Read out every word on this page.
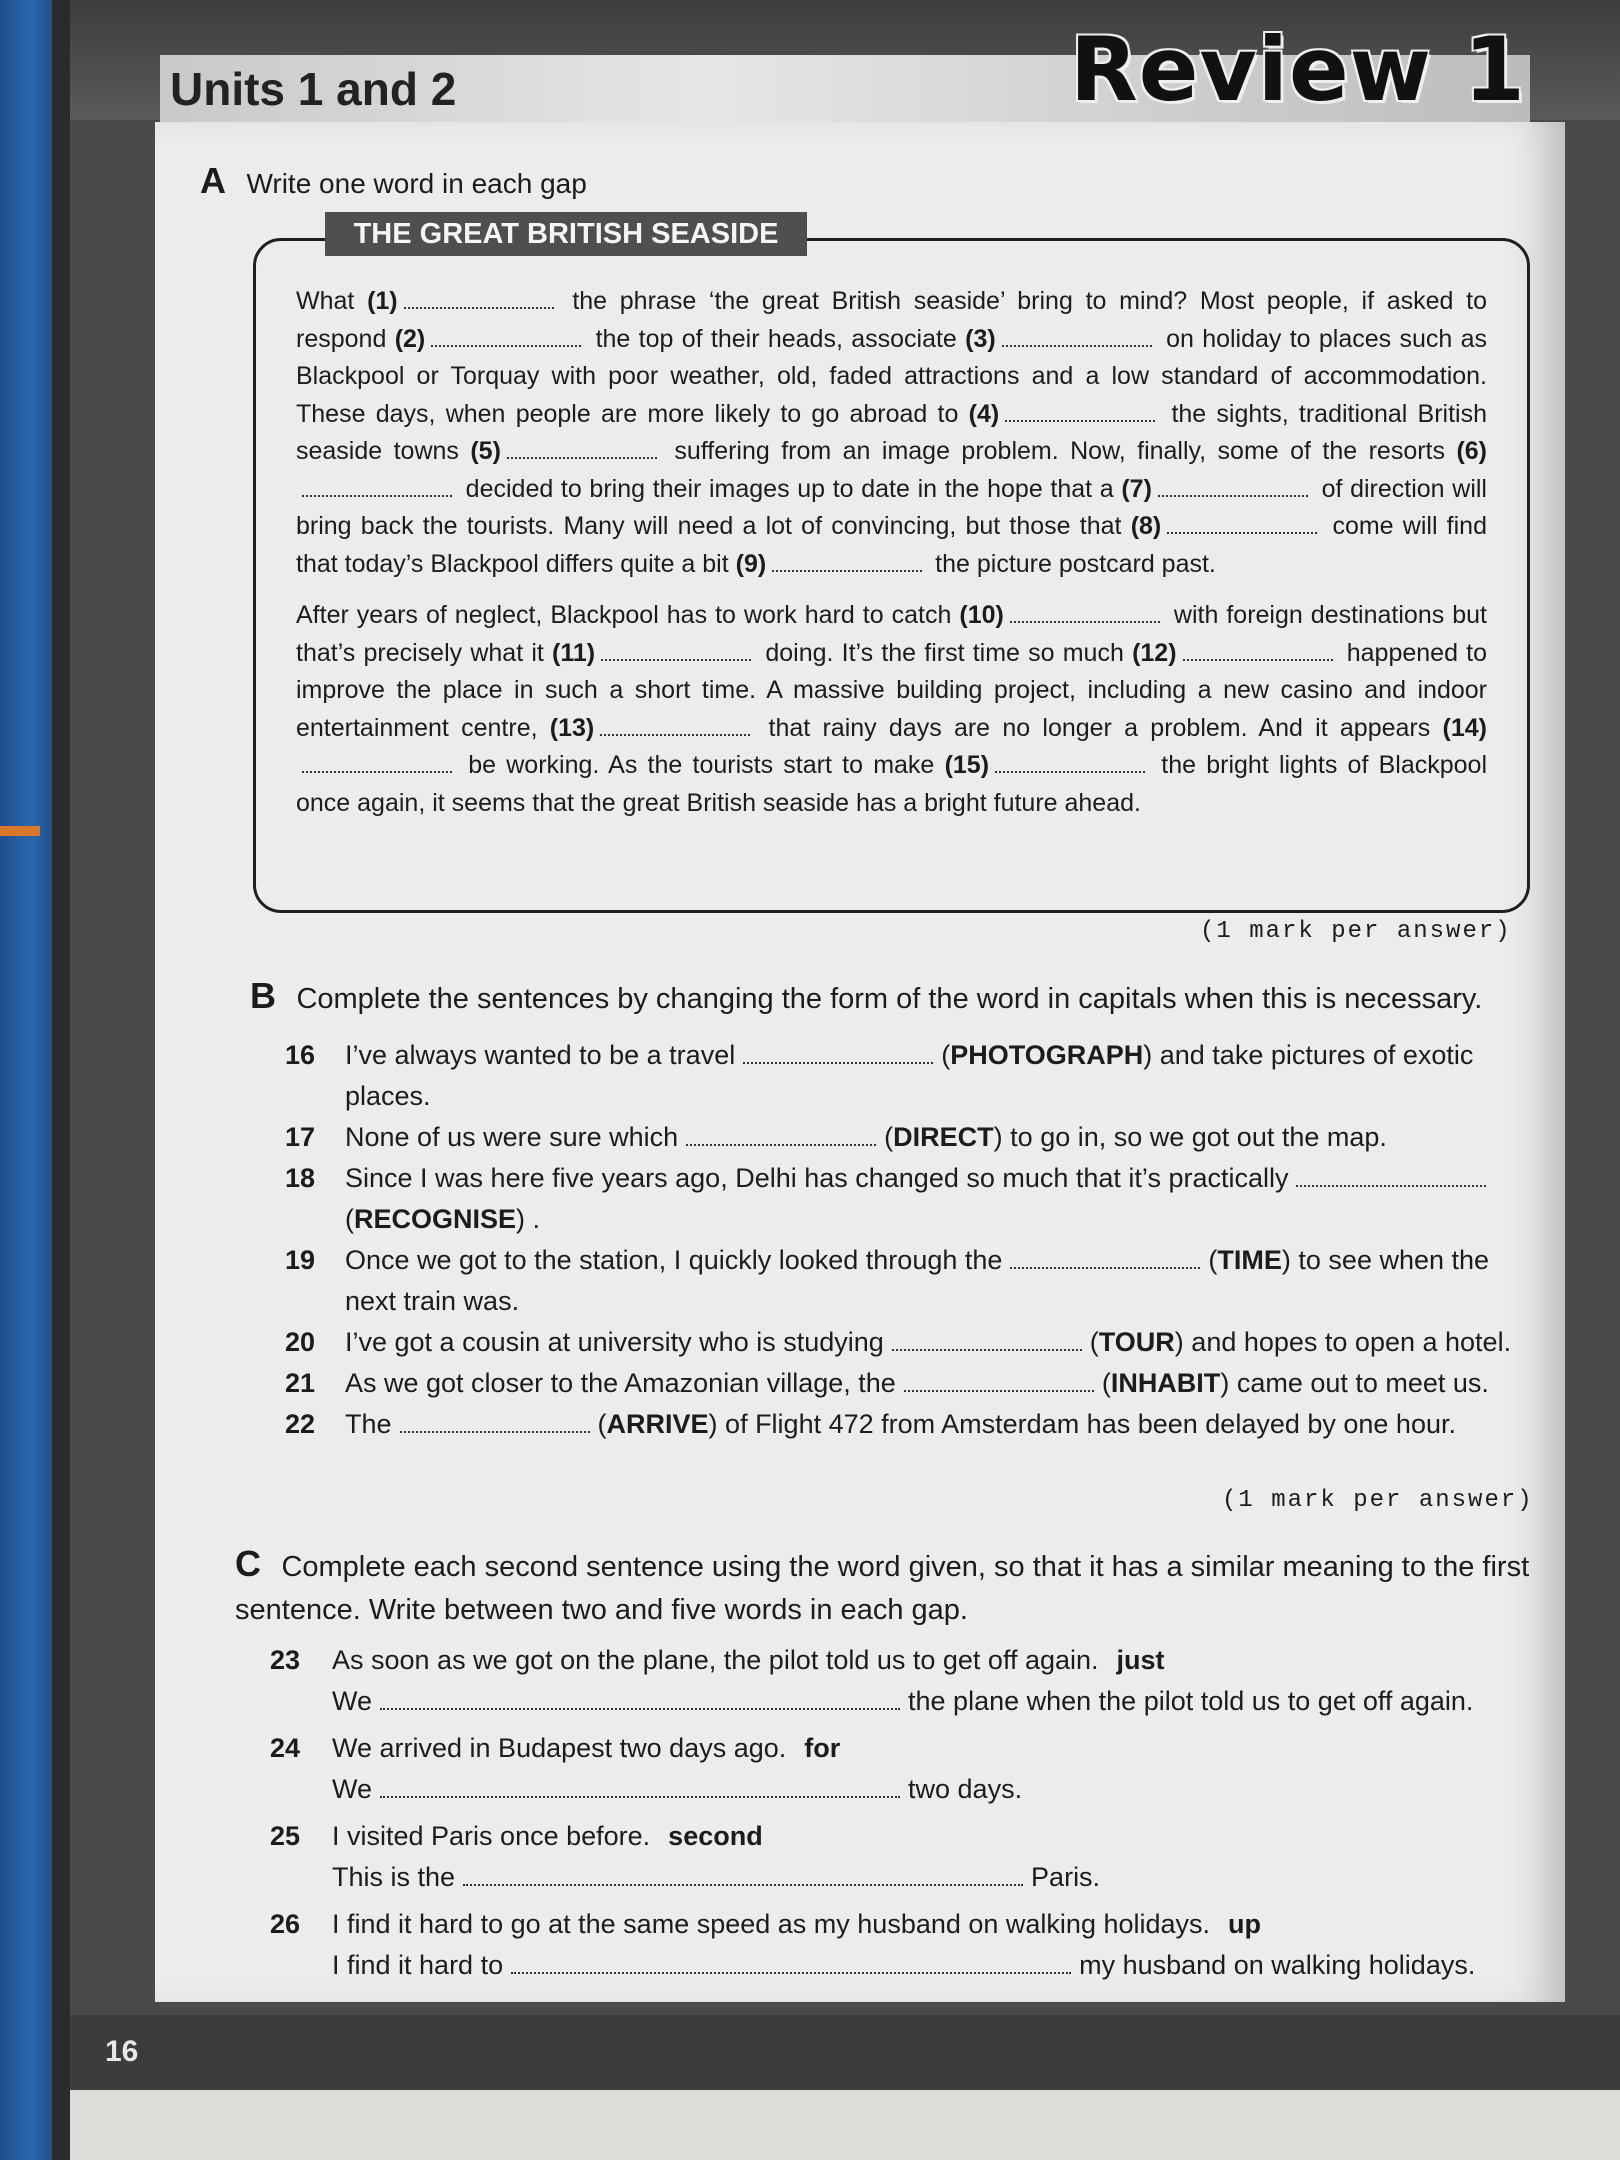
Units 1 and 2	Review 1
A Write one word in each gap

What (1)	the phrase ‘the great British seaside’ bring to mind? Most people, if asked to respond (2)	the top of their heads, associate (3)	on holiday to places such as Blackpool or Torquay with poor weather, old, faded attractions and a low standard of accommodation. These days, when people are more likely to go abroad to (4)	the sights, traditional British seaside towns (5)	suffering from an image problem. Now, finally, some of the resorts (6) decided to bring their images up to date in the hope that a (7)	of direction will bring back the tourists. Many will need a lot of convincing, but those that (8)	come will find that today’s Blackpool differs quite a bit (9)	the picture postcard past.

After years of neglect, Blackpool has to work hard to catch (10)	with foreign destinations but that’s precisely what it (11)	doing. It’s the first time so much (12)	happened to improve the place in such a short time. A massive building project, including a new casino and indoor entertainment centre, (13)	that rainy days are no longer a problem. And it appears (14) be working. As the tourists start to make (15)	the bright lights of Blackpool once again, it seems that the great British seaside has a bright future ahead.

THE GREAT BRITISH SEASIDE
(1 mark per answer)
B Complete the sentences by changing the form of the word in capitals when this is necessary.
16	I’ve always wanted to be a travel	(PHOTOGRAPH) and take pictures of exotic places.
17	None of us were sure which	(DIRECT) to go in, so we got out the map.
18	Since I was here five years ago, Delhi has changed so much that it’s practically(RECOGNISE) .
19	Once we got to the station, I quickly looked through the	(TIME) to see when the next train was.
20	I’ve got a cousin at university who is studying	(TOUR) and hopes to open a hotel.
21	As we got closer to the Amazonian village, the	(INHABIT) came out to meet us.
22	The	(ARRIVE) of Flight 472 from Amsterdam has been delayed by one hour.
(1 mark per answer)
C Complete each second sentence using the word given, so that it has a similar meaning to the first sentence. Write between two and five words in each gap.
23	As soon as we got on the plane, the pilot told us to get off again. just
We	the plane when the pilot told us to get off again.
24	We arrived in Budapest two days ago. for
We	two days.
25	I visited Paris once before. second
This is the	Paris.
26	I find it hard to go at the same speed as my husband on walking holidays. up
I find it hard to	my husband on walking holidays.
16
